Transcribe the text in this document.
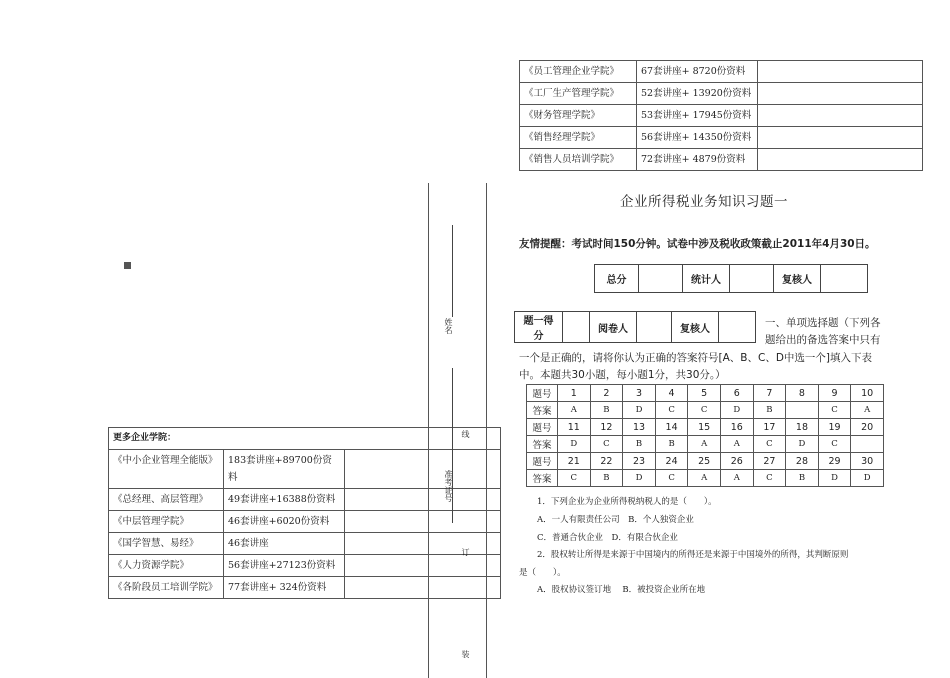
《员工管理企业学院》	67套讲座+ 8720份资料	
《工厂生产管理学院》	52套讲座+ 13920份资料	
《财务管理学院》	53套讲座+ 17945份资料	
《销售经理学院》	56套讲座+ 14350份资料	
《销售人员培训学院》	72套讲座+ 4879份资料	
更多企业学院：		
《中小企业管理全能版》	183套讲座+89700份资料	
《总经理、高层管理》	49套讲座+16388份资料	
《中层管理学院》	46套讲座+6020份资料	
《国学智慧、易经》	46套讲座	
《人力资源学院》	56套讲座+27123份资料	
《各阶段员工培训学院》	77套讲座+ 324份资料	
姓名
准考证号
线
订
装
企业所得税业务知识习题一
友情提醒：考试时间150分钟。试卷中涉及税收政策截止2011年4月30日。
总分		统计人		复核人	
题一得分		阅卷人		复核人		一、单项选择题（下列各
题给出的备选答案中只有
一个是正确的，请将你认为正确的答案符号[A、B、C、D中选一个]填入下表
中。本题共30小题，每小题1分，共30分。）
题号	1	2	3	4	5	6	7	8	9	10
答案	A	B	D	C	C	D	B		C	A
题号	11	12	13	14	15	16	17	18	19	20
答案	D	C	B	B	A	A	C	D	C	
题号	21	22	23	24	25	26	27	28	29	30
答案	C	B	D	C	A	A	C	B	D	D
1．下列企业为企业所得税纳税人的是（　　）。
A．一人有限责任公司　B．个人独资企业
C．普通合伙企业　D．有限合伙企业
2．股权转让所得是来源于中国境内的所得还是来源于中国境外的所得，其判断原则
是（　　）。
A．股权协议签订地　 B．被投资企业所在地
